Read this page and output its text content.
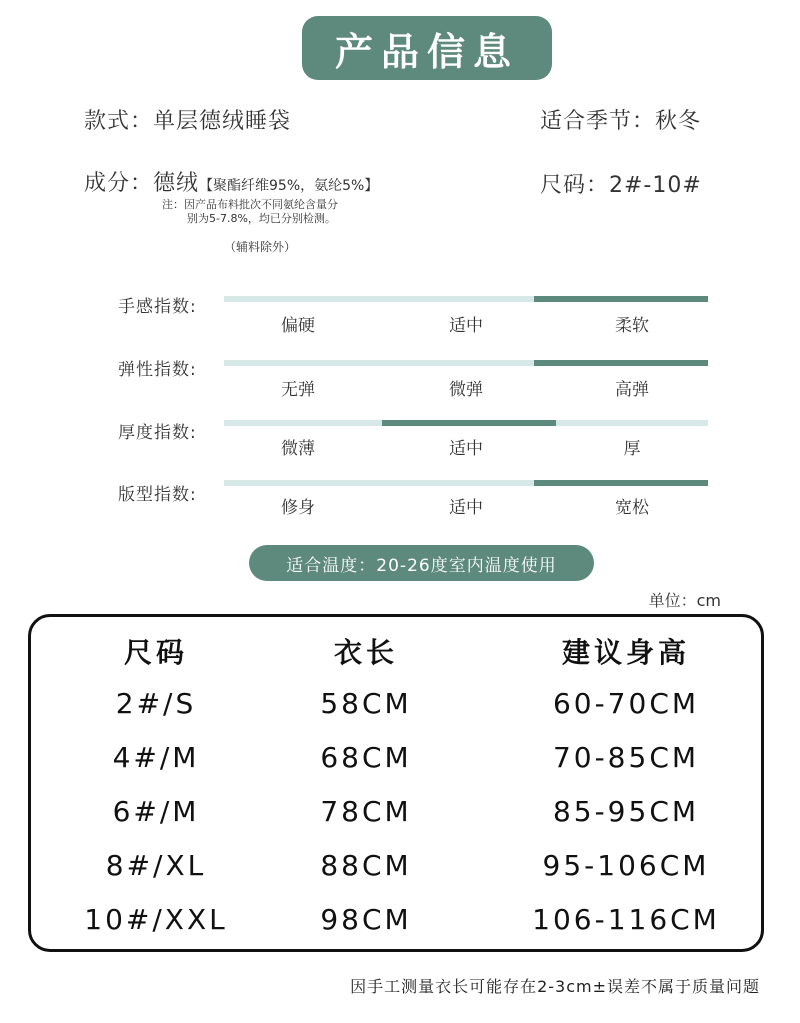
产品信息
款式：单层德绒睡袋	适合季节：秋冬
成分：德绒【聚酯纤维95%，氨纶5%】	尺码：2#-10#
注：因产品布料批次不同氨纶含量分
别为5-7.8%，均已分别检测。
（辅料除外）
手感指数:
偏硬	适中	柔软
弹性指数:
无弹	微弹	高弹
厚度指数:
微薄	适中	厚
版型指数:
修身	适中	宽松
适合温度：20-26度室内温度使用
单位：cm
尺码	衣长	建议身高
2#/S	58CM	60-70CM
4#/M	68CM	70-85CM
6#/M	78CM	85-95CM
8#/XL	88CM	95-106CM
10#/XXL	98CM	106-116CM
因手工测量衣长可能存在2-3cm±误差不属于质量问题
